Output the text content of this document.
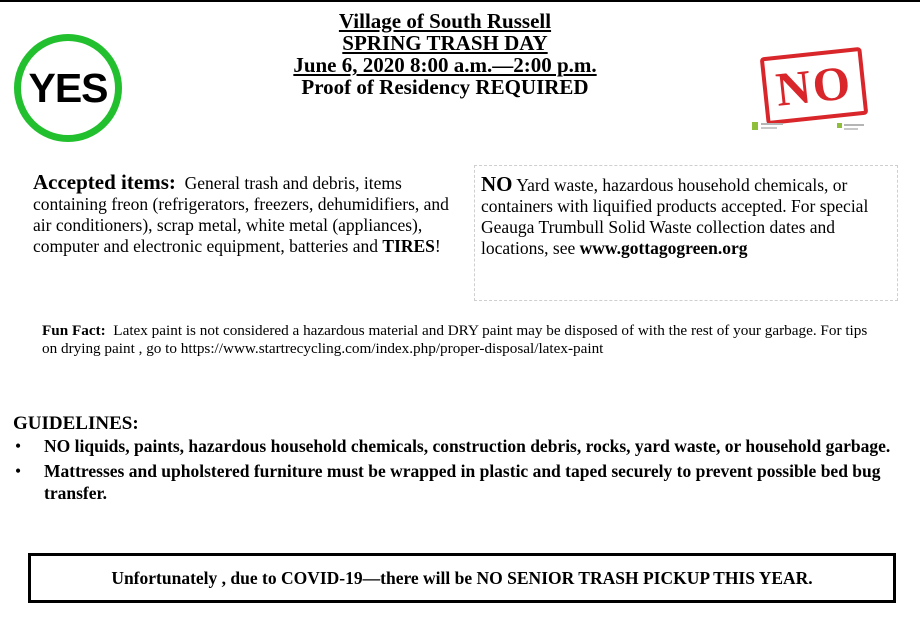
YES
Village of South Russell
SPRING TRASH DAY
June 6, 2020 8:00 a.m.—2:00 p.m.
Proof of Residency REQUIRED	NO
Accepted items: General trash and debris, items containing freon (refrigerators, freezers, dehumidifiers, and air conditioners), scrap metal, white metal (appliances), computer and electronic equipment, batteries and TIRES!
NO Yard waste, hazardous household chemicals, or containers with liquified products accepted. For special Geauga Trumbull Solid Waste collection dates and locations, see www.gottagogreen.org
Fun Fact: Latex paint is not considered a hazardous material and DRY paint may be disposed of with the rest of your garbage. For tips on drying paint , go to https://www.startrecycling.com/index.php/proper-disposal/latex-paint
GUIDELINES:
• NO liquids, paints, hazardous household chemicals, construction debris, rocks, yard waste, or household garbage.
• Mattresses and upholstered furniture must be wrapped in plastic and taped securely to prevent possible bed bug transfer.
Unfortunately , due to COVID-19—there will be NO SENIOR TRASH PICKUP THIS YEAR.
